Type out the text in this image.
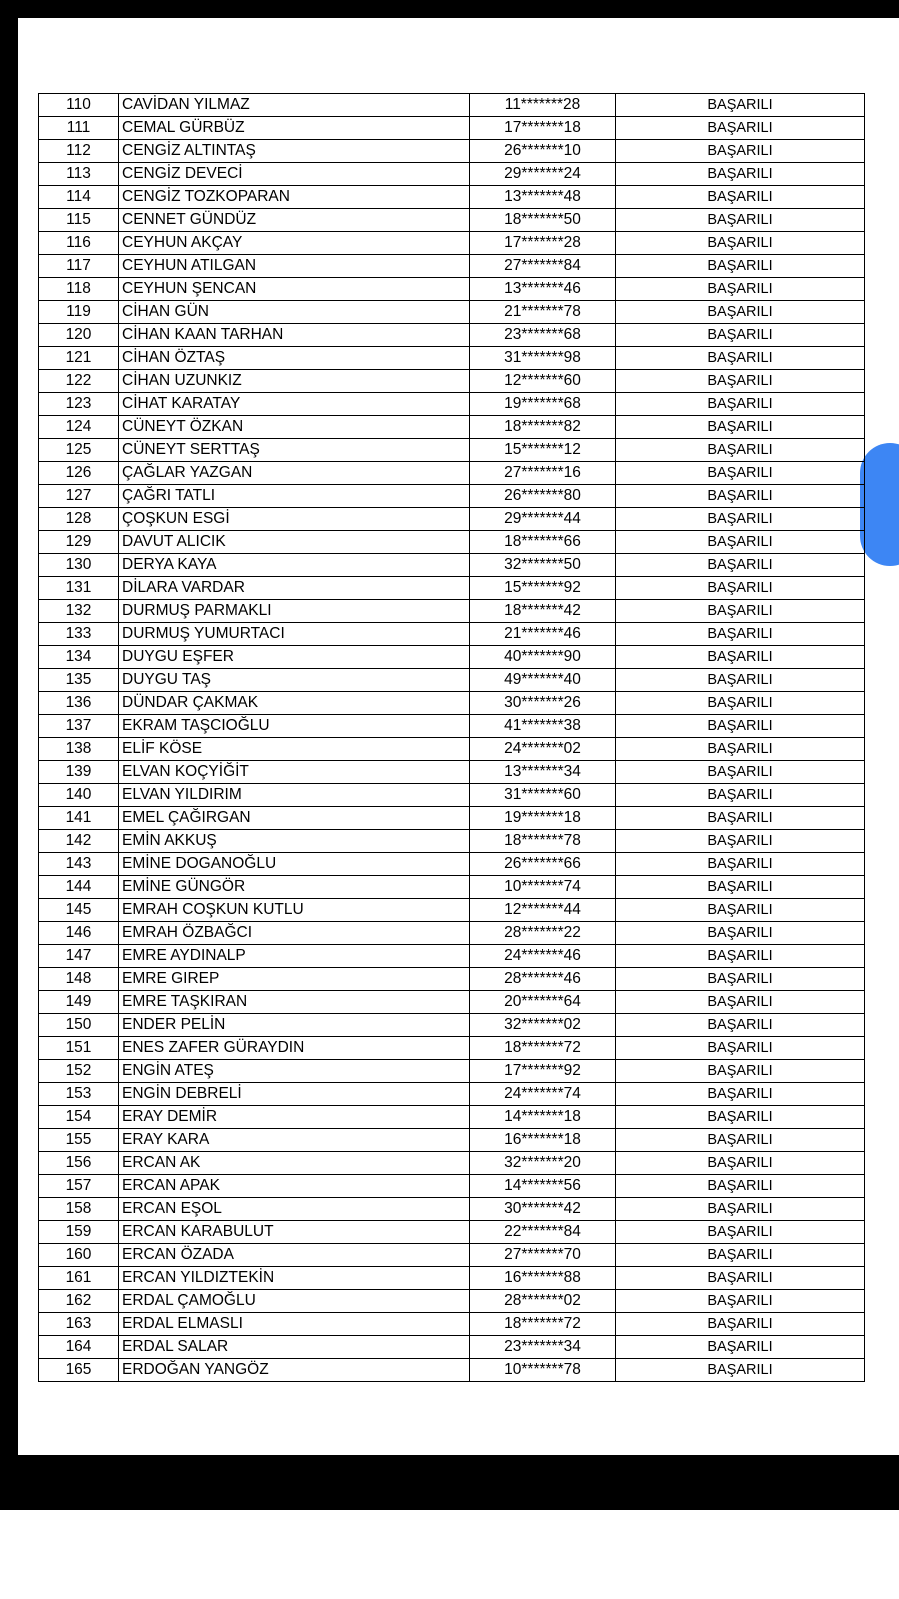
110	CAVİDAN YILMAZ	11*******28	BAŞARILI
111	CEMAL GÜRBÜZ	17*******18	BAŞARILI
112	CENGİZ ALTINTAŞ	26*******10	BAŞARILI
113	CENGİZ DEVECİ	29*******24	BAŞARILI
114	CENGİZ TOZKOPARAN	13*******48	BAŞARILI
115	CENNET GÜNDÜZ	18*******50	BAŞARILI
116	CEYHUN AKÇAY	17*******28	BAŞARILI
117	CEYHUN ATILGAN	27*******84	BAŞARILI
118	CEYHUN ŞENCAN	13*******46	BAŞARILI
119	CİHAN GÜN	21*******78	BAŞARILI
120	CİHAN KAAN TARHAN	23*******68	BAŞARILI
121	CİHAN ÖZTAŞ	31*******98	BAŞARILI
122	CİHAN UZUNKIZ	12*******60	BAŞARILI
123	CİHAT KARATAY	19*******68	BAŞARILI
124	CÜNEYT ÖZKAN	18*******82	BAŞARILI
125	CÜNEYT SERTTAŞ	15*******12	BAŞARILI
126	ÇAĞLAR YAZGAN	27*******16	BAŞARILI
127	ÇAĞRI TATLI	26*******80	BAŞARILI
128	ÇOŞKUN ESGİ	29*******44	BAŞARILI
129	DAVUT ALICIK	18*******66	BAŞARILI
130	DERYA KAYA	32*******50	BAŞARILI
131	DİLARA VARDAR	15*******92	BAŞARILI
132	DURMUŞ PARMAKLI	18*******42	BAŞARILI
133	DURMUŞ YUMURTACI	21*******46	BAŞARILI
134	DUYGU EŞFER	40*******90	BAŞARILI
135	DUYGU TAŞ	49*******40	BAŞARILI
136	DÜNDAR ÇAKMAK	30*******26	BAŞARILI
137	EKRAM TAŞCIOĞLU	41*******38	BAŞARILI
138	ELİF KÖSE	24*******02	BAŞARILI
139	ELVAN KOÇYİĞİT	13*******34	BAŞARILI
140	ELVAN YILDIRIM	31*******60	BAŞARILI
141	EMEL ÇAĞIRGAN	19*******18	BAŞARILI
142	EMİN AKKUŞ	18*******78	BAŞARILI
143	EMİNE DOGANOĞLU	26*******66	BAŞARILI
144	EMİNE GÜNGÖR	10*******74	BAŞARILI
145	EMRAH COŞKUN KUTLU	12*******44	BAŞARILI
146	EMRAH ÖZBAĞCI	28*******22	BAŞARILI
147	EMRE AYDINALP	24*******46	BAŞARILI
148	EMRE GIREP	28*******46	BAŞARILI
149	EMRE TAŞKIRAN	20*******64	BAŞARILI
150	ENDER PELİN	32*******02	BAŞARILI
151	ENES ZAFER GÜRAYDIN	18*******72	BAŞARILI
152	ENGİN ATEŞ	17*******92	BAŞARILI
153	ENGİN DEBRELİ	24*******74	BAŞARILI
154	ERAY DEMİR	14*******18	BAŞARILI
155	ERAY KARA	16*******18	BAŞARILI
156	ERCAN AK	32*******20	BAŞARILI
157	ERCAN APAK	14*******56	BAŞARILI
158	ERCAN EŞOL	30*******42	BAŞARILI
159	ERCAN KARABULUT	22*******84	BAŞARILI
160	ERCAN ÖZADA	27*******70	BAŞARILI
161	ERCAN YILDIZTEKİN	16*******88	BAŞARILI
162	ERDAL ÇAMOĞLU	28*******02	BAŞARILI
163	ERDAL ELMASLI	18*******72	BAŞARILI
164	ERDAL SALAR	23*******34	BAŞARILI
165	ERDOĞAN YANGÖZ	10*******78	BAŞARILI
